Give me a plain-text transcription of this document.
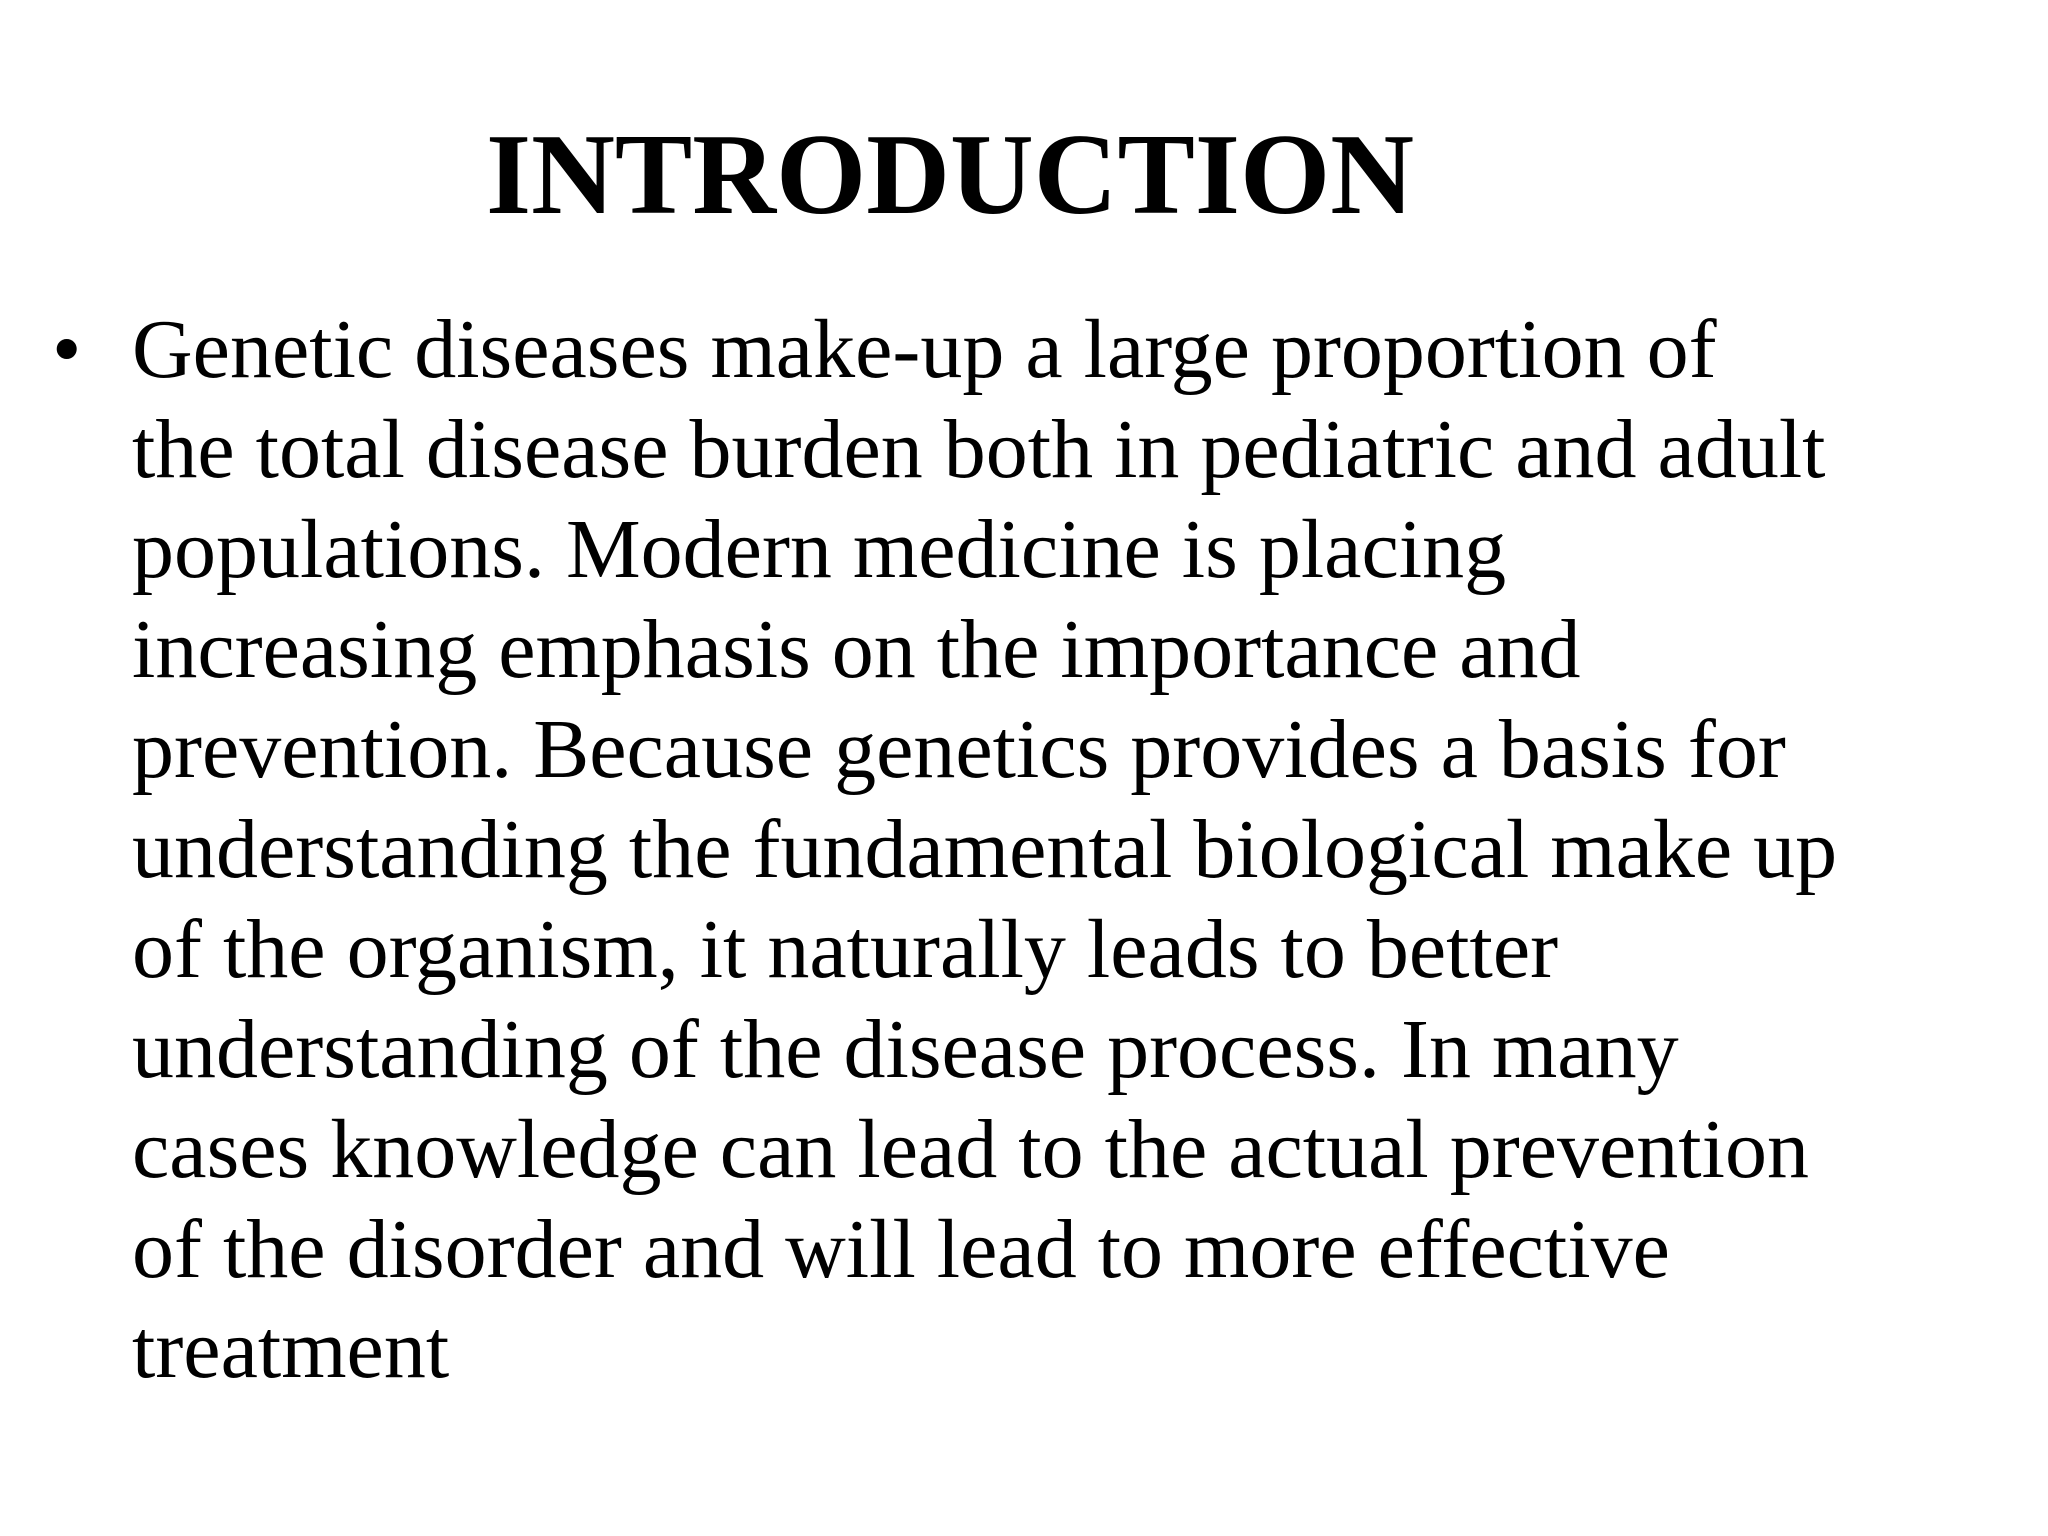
INTRODUCTION
• Genetic diseases make-up a large proportion of
the total disease burden both in pediatric and adult
populations. Modern medicine is placing
increasing emphasis on the importance and
prevention. Because genetics provides a basis for
understanding the fundamental biological make up
of the organism, it naturally leads to better
understanding of the disease process. In many
cases knowledge can lead to the actual prevention
of the disorder and will lead to more effective
treatment
